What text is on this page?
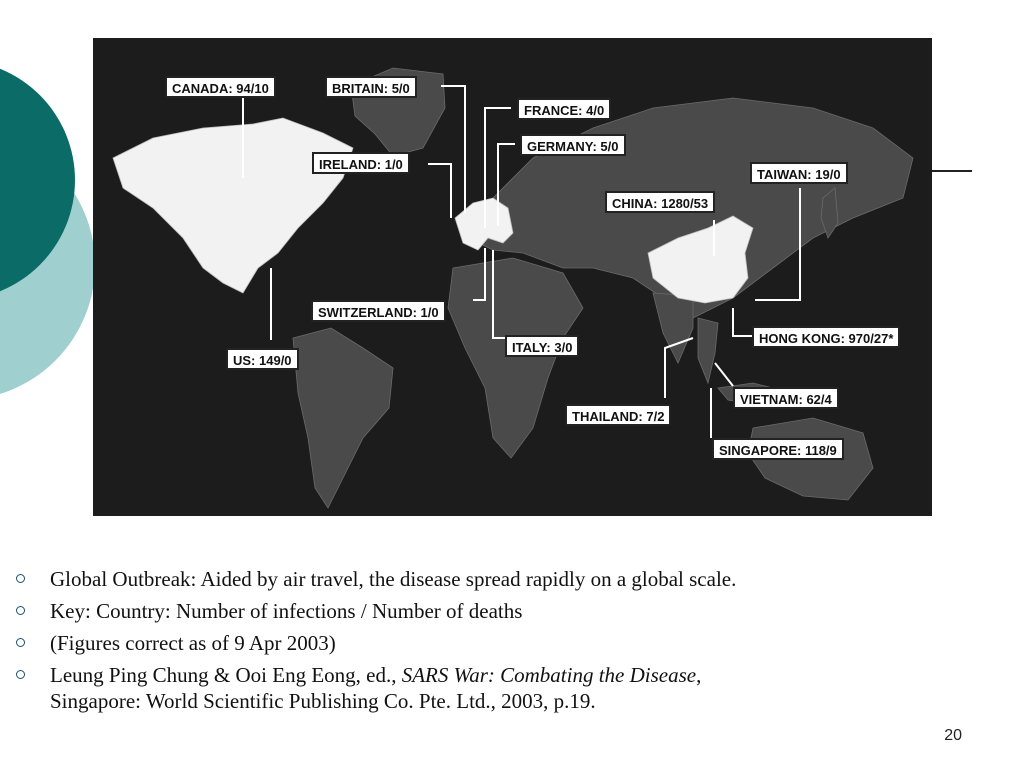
CANADA: 94/10	BRITAIN: 5/0
FRANCE: 4/0
GERMANY: 5/0
IRELAND: 1/0
TAIWAN: 19/0
CHINA: 1280/53
SWITZERLAND: 1/0
HONG KONG: 970/27*
ITALY: 3/0
US: 149/0
VIETNAM: 62/4
THAILAND: 7/2
SINGAPORE: 118/9
Global Outbreak: Aided by air travel, the disease spread rapidly on a global scale.
Key: Country: Number of infections / Number of deaths
(Figures correct as of 9 Apr 2003)
Leung Ping Chung & Ooi Eng Eong, ed., SARS War: Combating the Disease,
Singapore: World Scientific Publishing Co. Pte. Ltd., 2003, p.19.
20
